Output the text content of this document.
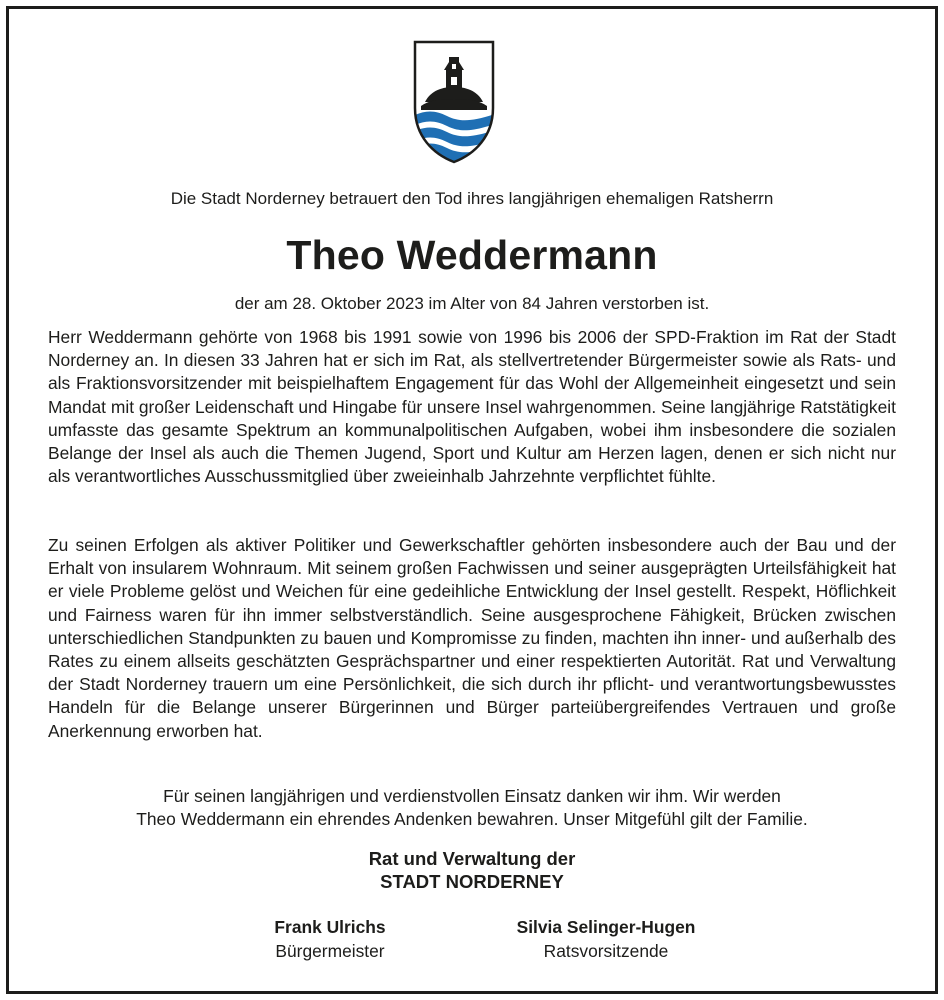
Die Stadt Norderney betrauert den Tod ihres langjährigen ehemaligen Ratsherrn
Theo Weddermann
der am 28. Oktober 2023 im Alter von 84 Jahren verstorben ist.

Herr Weddermann gehörte von 1968 bis 1991 sowie von 1996 bis 2006 der SPD-Fraktion im Rat der Stadt Norderney an. In diesen 33 Jahren hat er sich im Rat, als stellvertretender Bürgermeister sowie als Rats- und als Fraktionsvorsitzender mit beispielhaftem Engagement für das Wohl der Allgemeinheit eingesetzt und sein Mandat mit großer Leidenschaft und Hingabe für unsere Insel wahrgenommen. Seine langjährige Ratstätigkeit umfasste das gesamte Spektrum an kommunalpolitischen Aufgaben, wobei ihm insbesondere die sozialen Belange der Insel als auch die Themen Jugend, Sport und Kultur am Herzen lagen, denen er sich nicht nur als verantwortliches Ausschussmitglied über zweieinhalb Jahrzehnte verpflichtet fühlte.

Zu seinen Erfolgen als aktiver Politiker und Gewerkschaftler gehörten insbesondere auch der Bau und der Erhalt von insularem Wohnraum. Mit seinem großen Fachwissen und seiner ausgeprägten Urteilsfähigkeit hat er viele Probleme gelöst und Weichen für eine gedeihliche Entwicklung der Insel gestellt. Respekt, Höflichkeit und Fairness waren für ihn immer selbstverständlich. Seine ausgesprochene Fähigkeit, Brücken zwischen unterschiedlichen Standpunkten zu bauen und Kompromisse zu finden, machten ihn inner- und außerhalb des Rates zu einem allseits geschätzten Gesprächspartner und einer respektierten Autorität. Rat und Verwaltung der Stadt Norderney trauern um eine Persönlichkeit, die sich durch ihr pflicht- und verantwortungsbewusstes Handeln für die Belange unserer Bürgerinnen und Bürger parteiübergreifendes Vertrauen und große Anerkennung erworben hat.

Für seinen langjährigen und verdienstvollen Einsatz danken wir ihm. Wir werden
Theo Weddermann ein ehrendes Andenken bewahren. Unser Mitgefühl gilt der Familie.
Rat und Verwaltung der
STADT NORDERNEY
Frank Ulrichs
Bürgermeister
Silvia Selinger-Hugen
Ratsvorsitzende
